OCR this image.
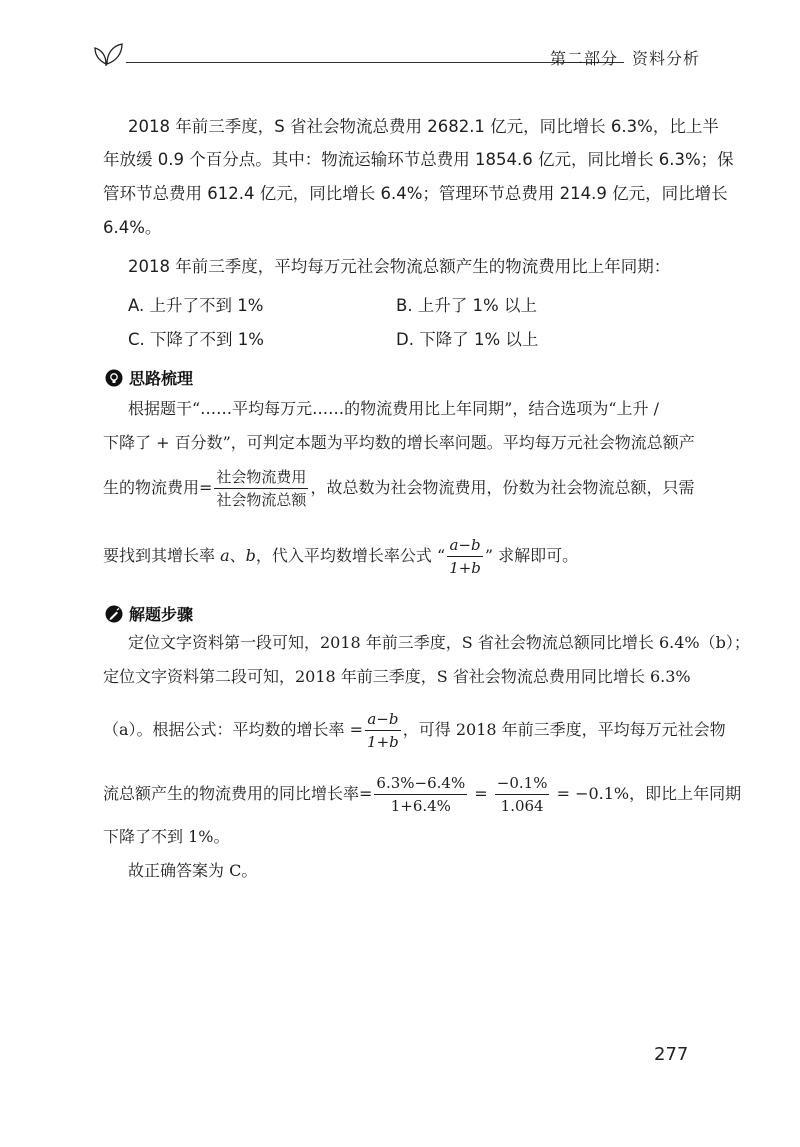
第二部分 资料分析
2018 年前三季度，S 省社会物流总费用 2682.1 亿元，同比增长 6.3%，比上半
年放缓 0.9 个百分点。其中：物流运输环节总费用 1854.6 亿元，同比增长 6.3%；保
管环节总费用 612.4 亿元，同比增长 6.4%；管理环节总费用 214.9 亿元，同比增长
6.4%。
2018 年前三季度，平均每万元社会物流总额产生的物流费用比上年同期：
A. 上升了不到 1%	B. 上升了 1% 以上
C. 下降了不到 1%	D. 下降了 1% 以上
思路梳理
根据题干“……平均每万元……的物流费用比上年同期”，结合选项为“上升 /
下降了 + 百分数”，可判定本题为平均数的增长率问题。平均每万元社会物流总额产
生的物流费用= $\frac{\text{社会物流费用}}{\text{社会物流总额}}$ ，故总数为社会物流费用，份数为社会物流总额，只需
要找到其增长率 a、b，代入平均数增长率公式 “ $\frac{a-b}{1+b}$ ” 求解即可。
解题步骤
定位文字资料第一段可知，2018 年前三季度，S 省社会物流总额同比增长 6.4%（b）；
定位文字资料第二段可知，2018 年前三季度，S 省社会物流总费用同比增长 6.3%
（a）。根据公式：平均数的增长率 = $\frac{a-b}{1+b}$ ，可得 2018 年前三季度，平均每万元社会物
流总额产生的物流费用的同比增长率= $\frac{6.3\%-6.4\%}{1+6.4\%} = \frac{-0.1\%}{1.064} = -0.1\%$，即比上年同期
下降了不到 1%。
故正确答案为 C。
277
